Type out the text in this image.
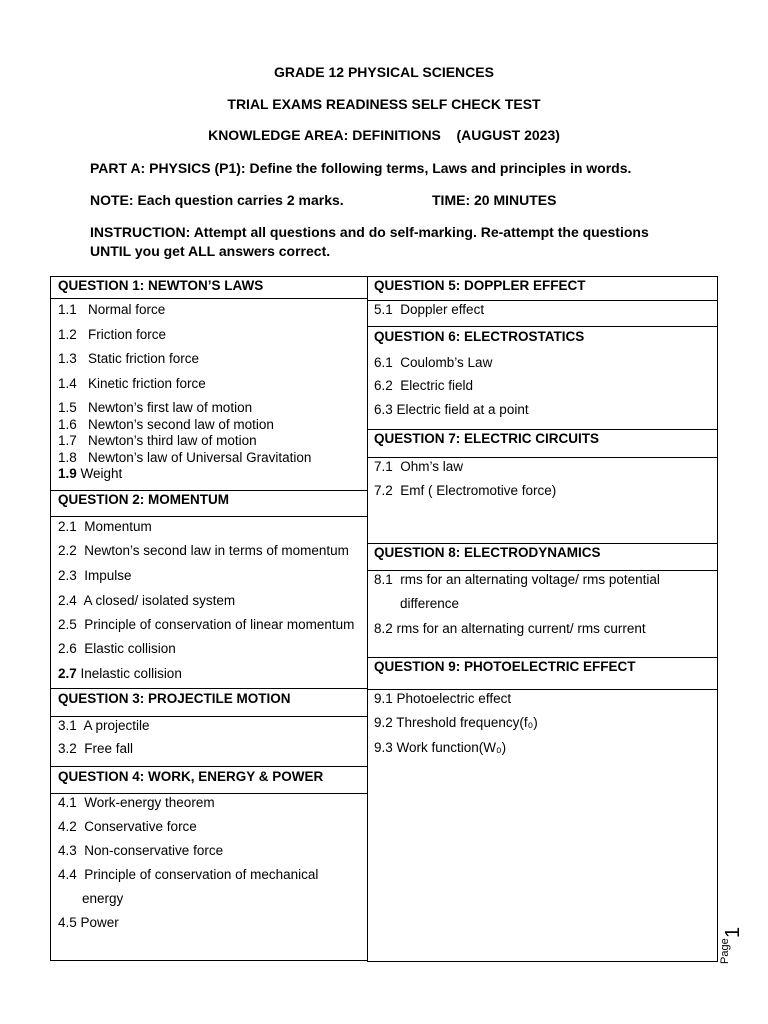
GRADE 12 PHYSICAL SCIENCES
TRIAL EXAMS READINESS SELF CHECK TEST
KNOWLEDGE AREA: DEFINITIONS    (AUGUST 2023)
PART A: PHYSICS (P1): Define the following terms, Laws and principles in words.
NOTE: Each question carries 2 marks.	TIME: 20 MINUTES
INSTRUCTION: Attempt all questions and do self-marking. Re-attempt the questions
UNTIL you get ALL answers correct.
QUESTION 1: NEWTON’S LAWS
1.1   Normal force
1.2   Friction force
1.3   Static friction force
1.4   Kinetic friction force
1.5   Newton’s first law of motion
1.6   Newton’s second law of motion
1.7   Newton’s third law of motion
1.8   Newton’s law of Universal Gravitation
1.9 Weight
QUESTION 2: MOMENTUM
2.1  Momentum
2.2  Newton’s second law in terms of momentum
2.3  Impulse
2.4  A closed/ isolated system
2.5  Principle of conservation of linear momentum
2.6  Elastic collision
2.7 Inelastic collision
QUESTION 3: PROJECTILE MOTION
3.1  A projectile
3.2  Free fall
QUESTION 4: WORK, ENERGY & POWER
4.1  Work-energy theorem
4.2  Conservative force
4.3  Non-conservative force
4.4  Principle of conservation of mechanical
energy
4.5 Power
QUESTION 5: DOPPLER EFFECT
5.1  Doppler effect
QUESTION 6: ELECTROSTATICS
6.1  Coulomb’s Law
6.2  Electric field
6.3 Electric field at a point
QUESTION 7: ELECTRIC CIRCUITS
7.1  Ohm’s law
7.2  Emf ( Electromotive force)
QUESTION 8: ELECTRODYNAMICS
8.1  rms for an alternating voltage/ rms potential
difference
8.2 rms for an alternating current/ rms current
QUESTION 9: PHOTOELECTRIC EFFECT
9.1 Photoelectric effect
9.2 Threshold frequency(f₀)
9.3 Work function(W₀)
Page
1
